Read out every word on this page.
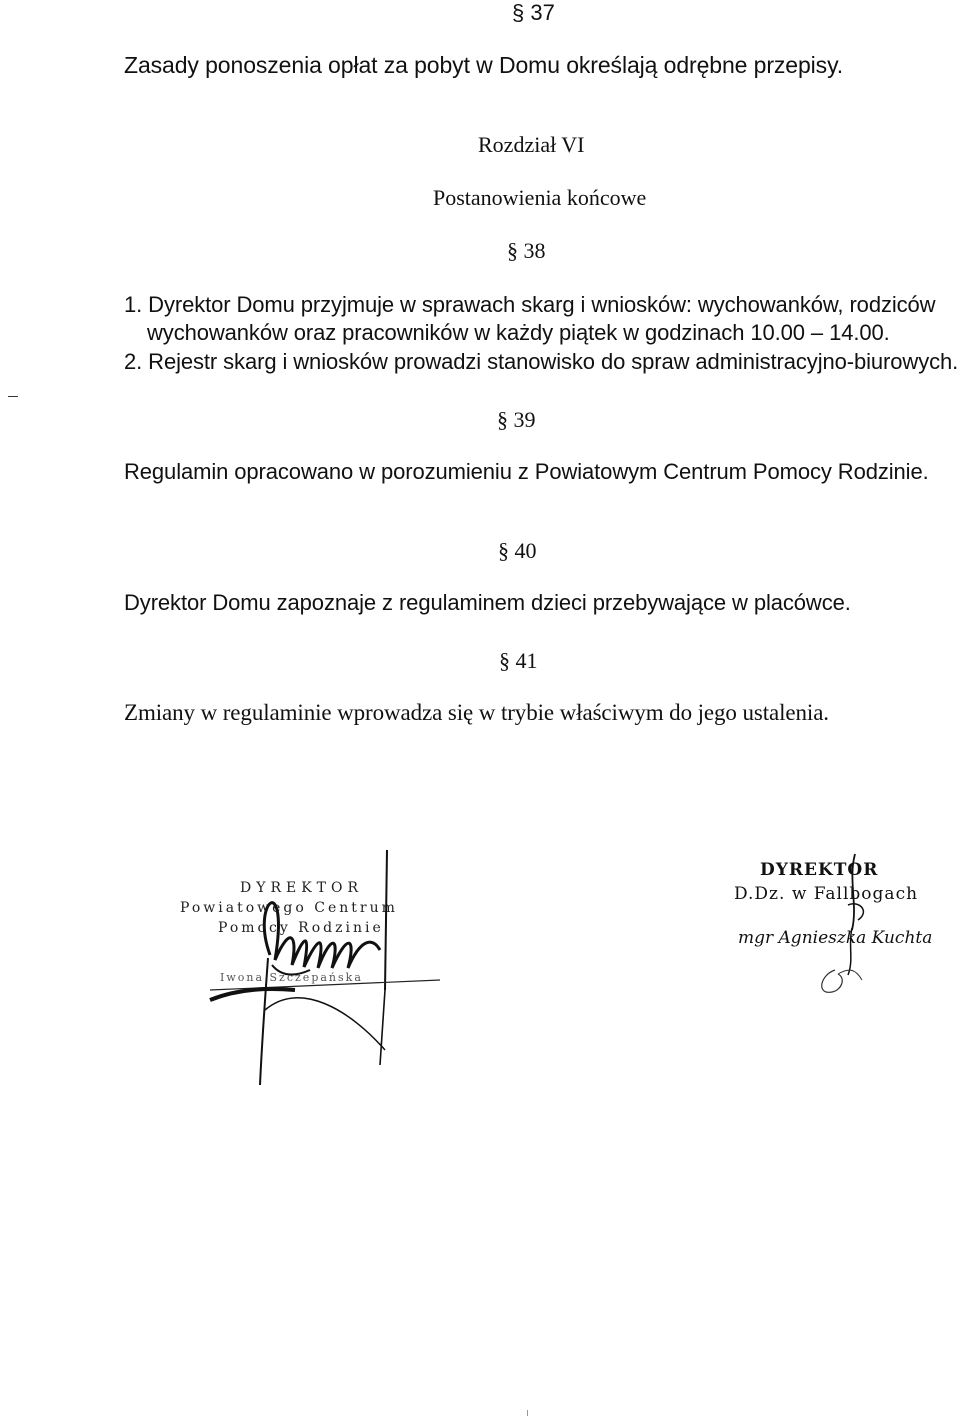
§ 37
Zasady ponoszenia opłat za pobyt w Domu określają odrębne przepisy.
Rozdział VI
Postanowienia końcowe
§ 38
1. Dyrektor Domu przyjmuje w sprawach skarg i wniosków: wychowanków, rodziców
wychowanków oraz pracowników w każdy piątek w godzinach 10.00 – 14.00.
2. Rejestr skarg i wniosków prowadzi stanowisko do spraw administracyjno-biurowych.
§ 39
Regulamin opracowano w porozumieniu z Powiatowym Centrum Pomocy Rodzinie.
§ 40
Dyrektor Domu zapoznaje z regulaminem dzieci przebywające w placówce.
§ 41
Zmiany w regulaminie wprowadza się w trybie właściwym do jego ustalenia.
DYREKTOR
Powiatowego Centrum
Pomocy Rodzinie
Iwona Szczepańska
DYREKTOR
D.Dz. w Fallbogach
mgr Agnieszka Kuchta
